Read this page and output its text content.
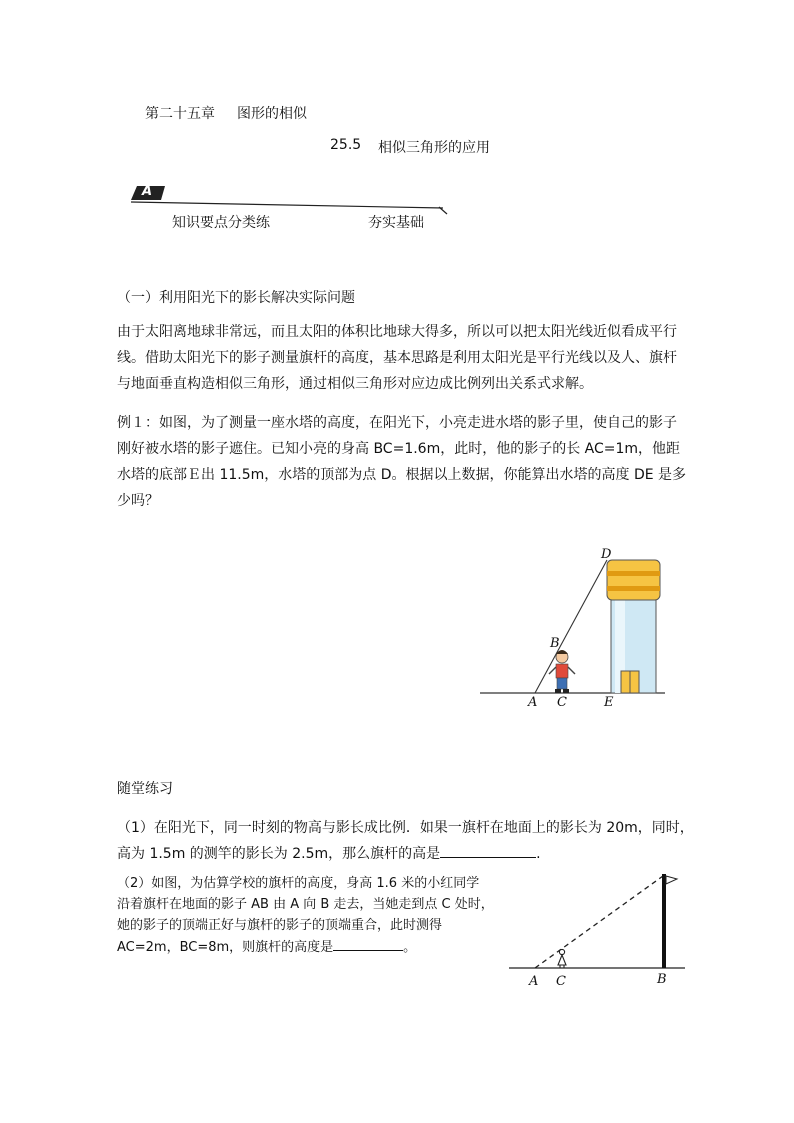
第二十五章 图形的相似
25.5 相似三角形的应用
A
知识要点分类练	夯实基础
（一）利用阳光下的影长解决实际问题
由于太阳离地球非常远，而且太阳的体积比地球大得多，所以可以把太阳光线近似看成平行线。借助太阳光下的影子测量旗杆的高度，基本思路是利用太阳光是平行光线以及人、旗杆与地面垂直构造相似三角形，通过相似三角形对应边成比例列出关系式求解。
例１：如图，为了测量一座水塔的高度，在阳光下，小亮走进水塔的影子里，使自己的影子刚好被水塔的影子遮住。已知小亮的身高 BC=1.6m，此时，他的影子的长 AC=1m，他距水塔的底部Ｅ出 11.5m，水塔的顶部为点 D。根据以上数据，你能算出水塔的高度 DE 是多少吗？
D
B
A C	E
随堂练习
（1）在阳光下，同一时刻的物高与影长成比例．如果一旗杆在地面上的影长为 20m，同时，
高为 1.5m 的测竿的影长为 2.5m，那么旗杆的高是	.
（2）如图，为估算学校的旗杆的高度，身高 1.6 米的小红同学
沿着旗杆在地面的影子 AB 由 A 向 B 走去，当她走到点 C 处时，
她的影子的顶端正好与旗杆的影子的顶端重合，此时测得
AC=2m，BC=8m，则旗杆的高度是	。
A C	B
